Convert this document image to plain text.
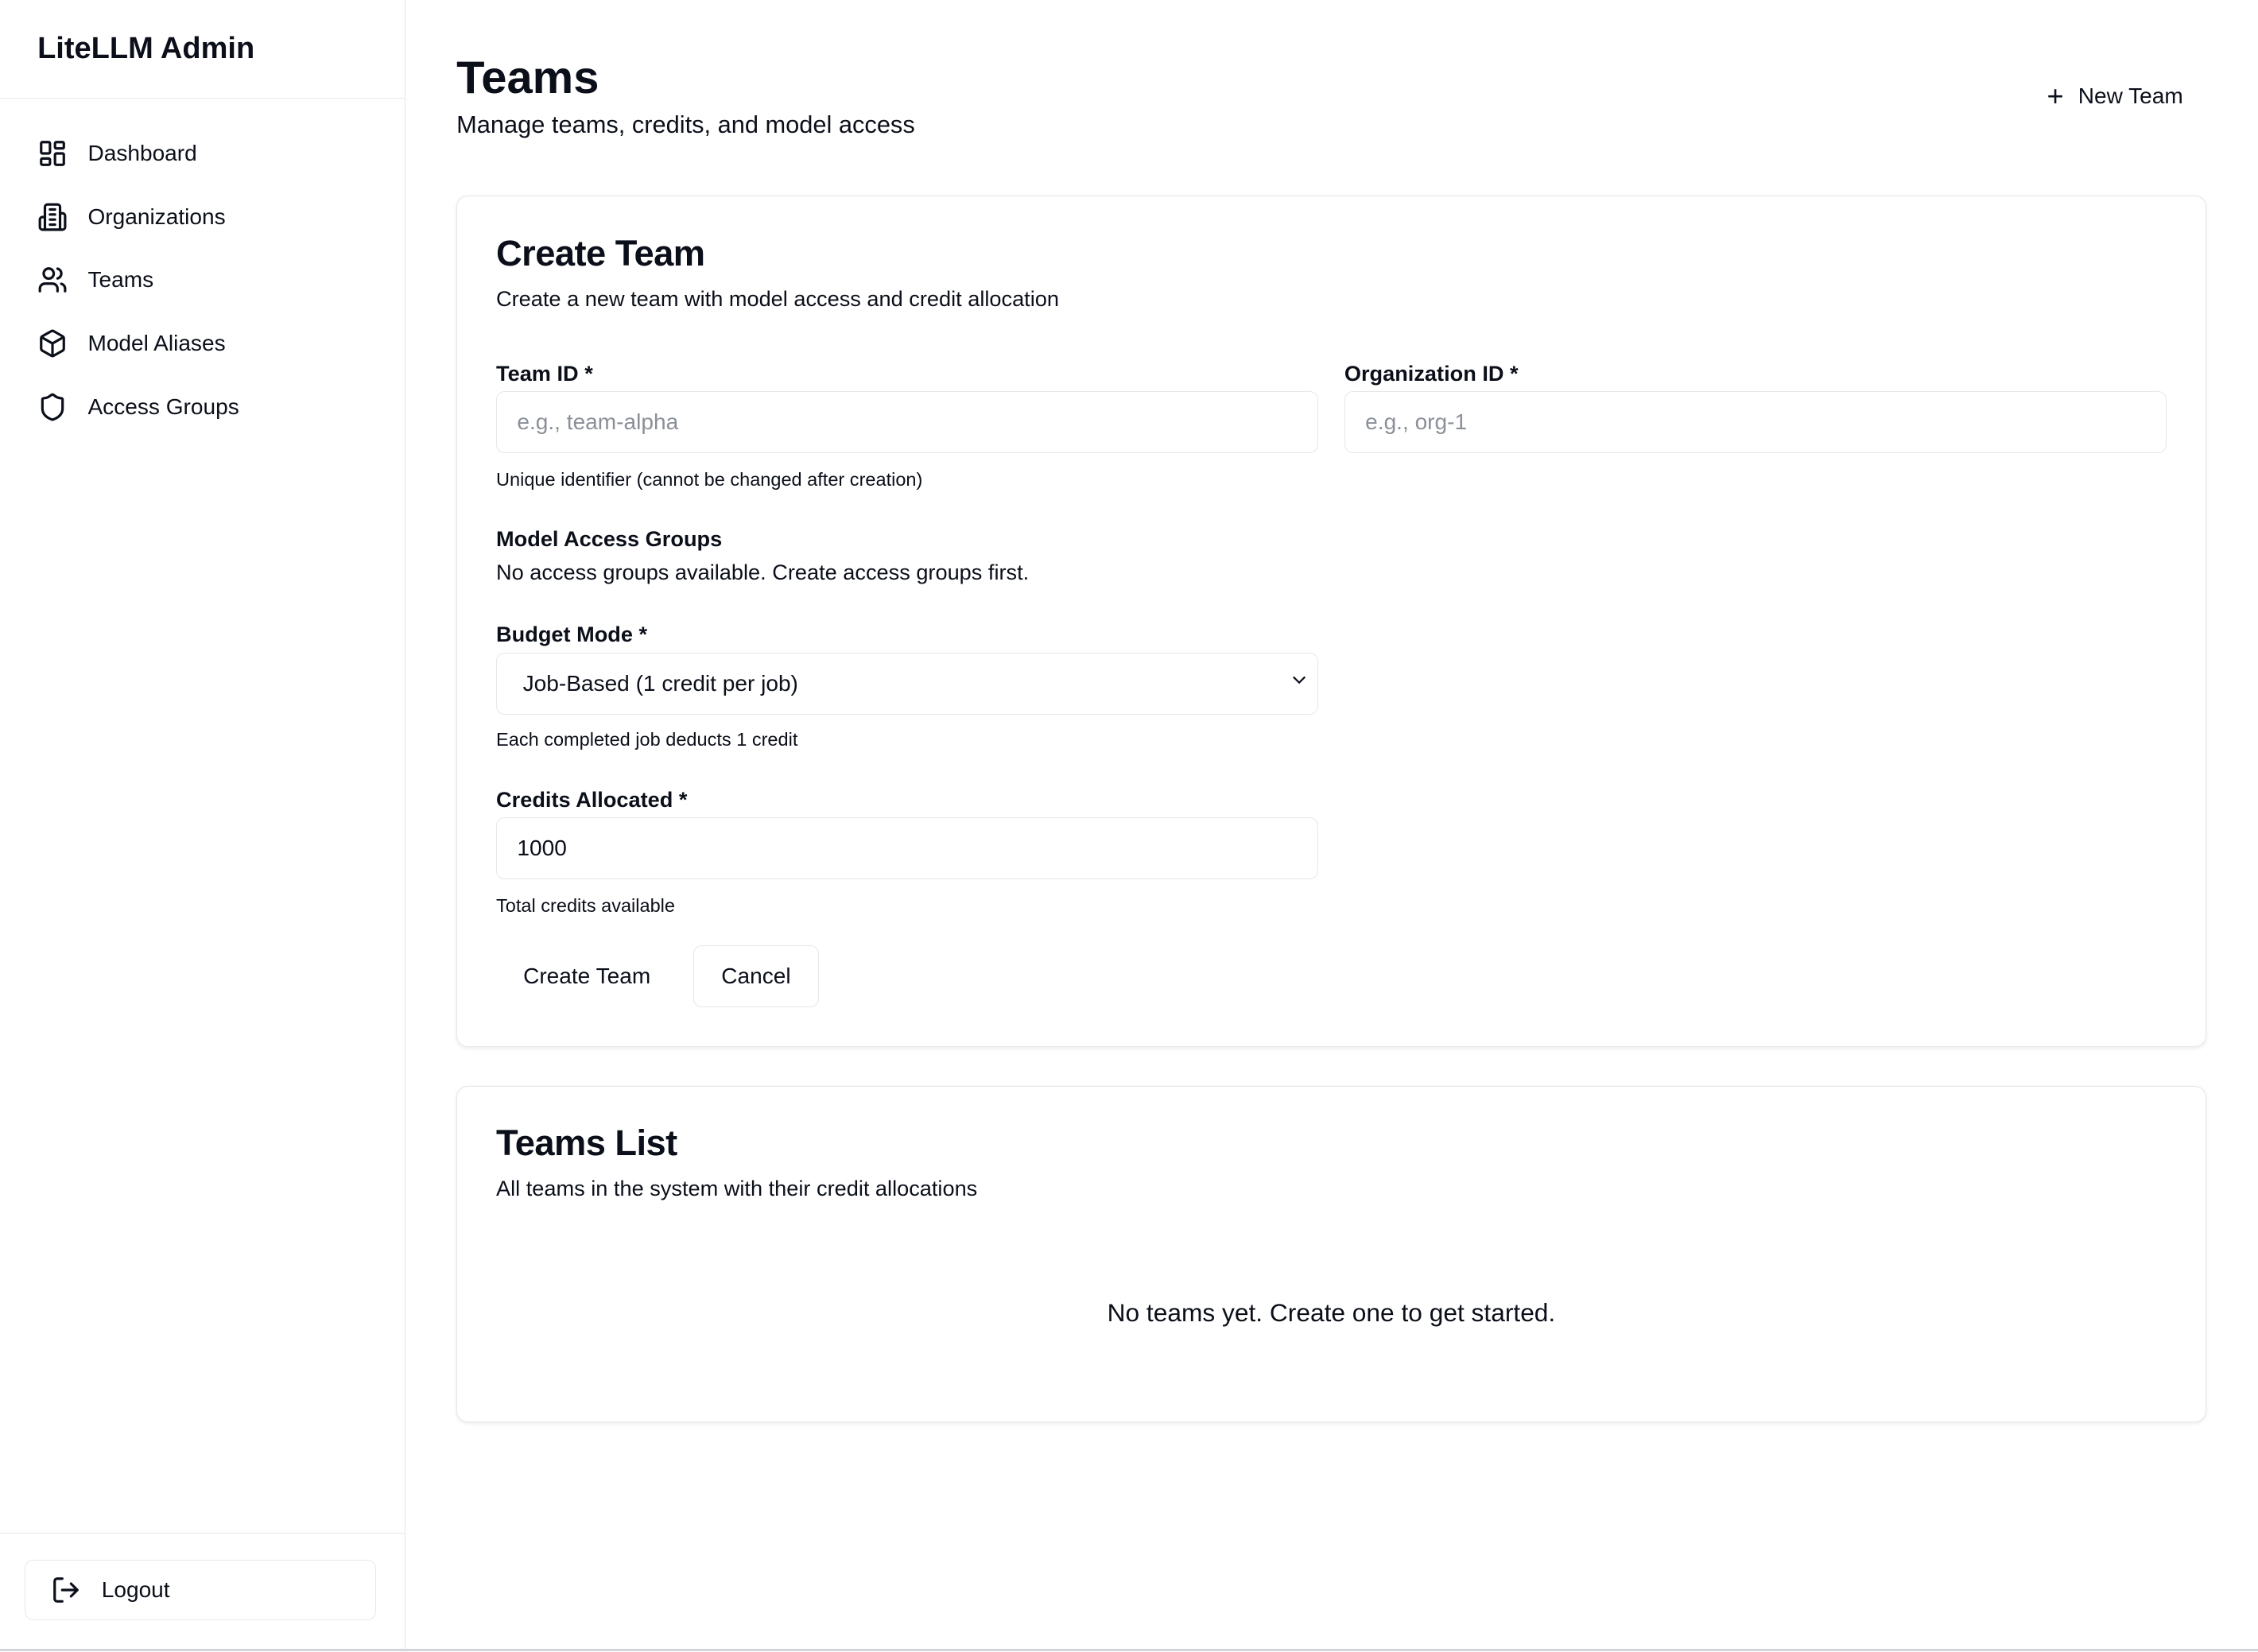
LiteLLM Admin
Dashboard
Organizations
Teams
Model Aliases
Access Groups
Logout
Teams
Manage teams, credits, and model access
+ New Team
Create Team
Create a new team with model access and credit allocation
Team ID *
e.g., team-alpha
Unique identifier (cannot be changed after creation)
Organization ID *
e.g., org-1
Model Access Groups
No access groups available. Create access groups first.
Budget Mode *
Job-Based (1 credit per job)
Each completed job deducts 1 credit
Credits Allocated *
1000
Total credits available
Create Team	Cancel
Teams List
All teams in the system with their credit allocations
No teams yet. Create one to get started.
